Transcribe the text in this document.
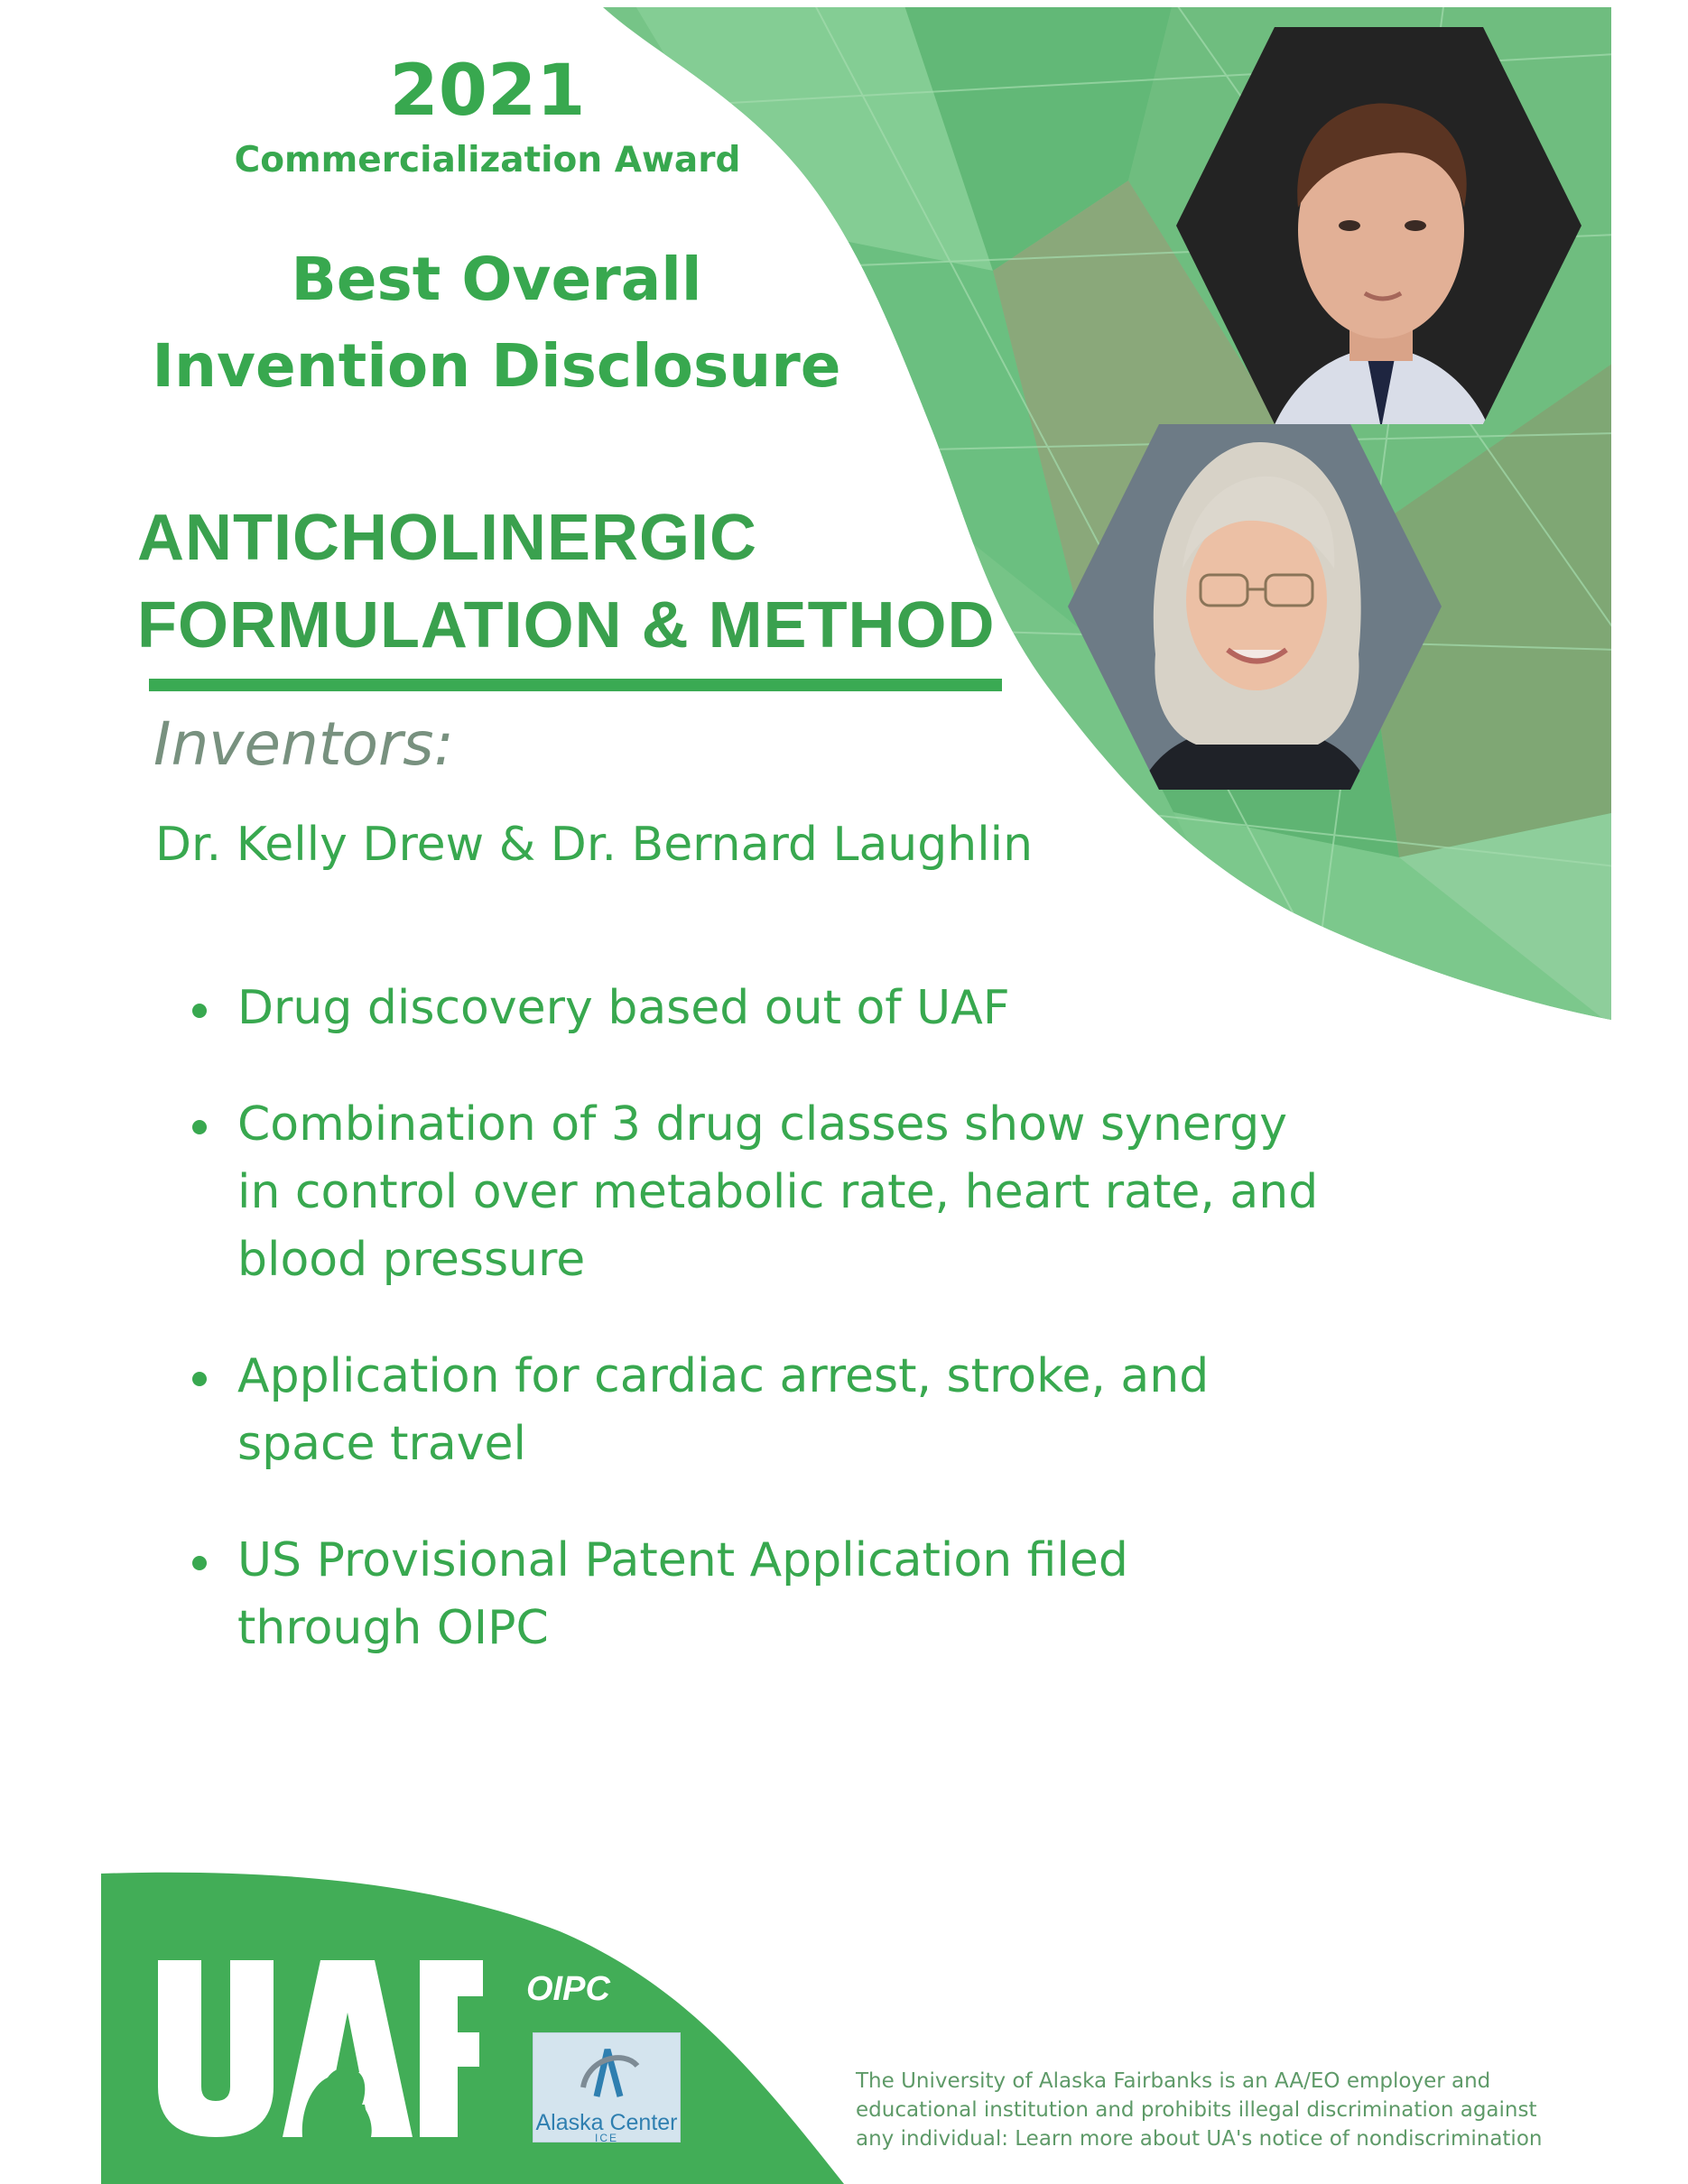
2021
Commercialization Award
Best Overall
Invention Disclosure
ANTICHOLINERGIC
FORMULATION & METHOD
Inventors:
Dr. Kelly Drew & Dr. Bernard Laughlin
Drug discovery based out of UAF
Combination of 3 drug classes show synergy
in control over metabolic rate, heart rate, and
blood pressure
Application for cardiac arrest, stroke, and
space travel
US Provisional Patent Application filed
through OIPC
TM
OIPC
Alaska Center
ICE
The University of Alaska Fairbanks is an AA/EO employer and
educational institution and prohibits illegal discrimination against
any individual: Learn more about UA's notice of nondiscrimination
